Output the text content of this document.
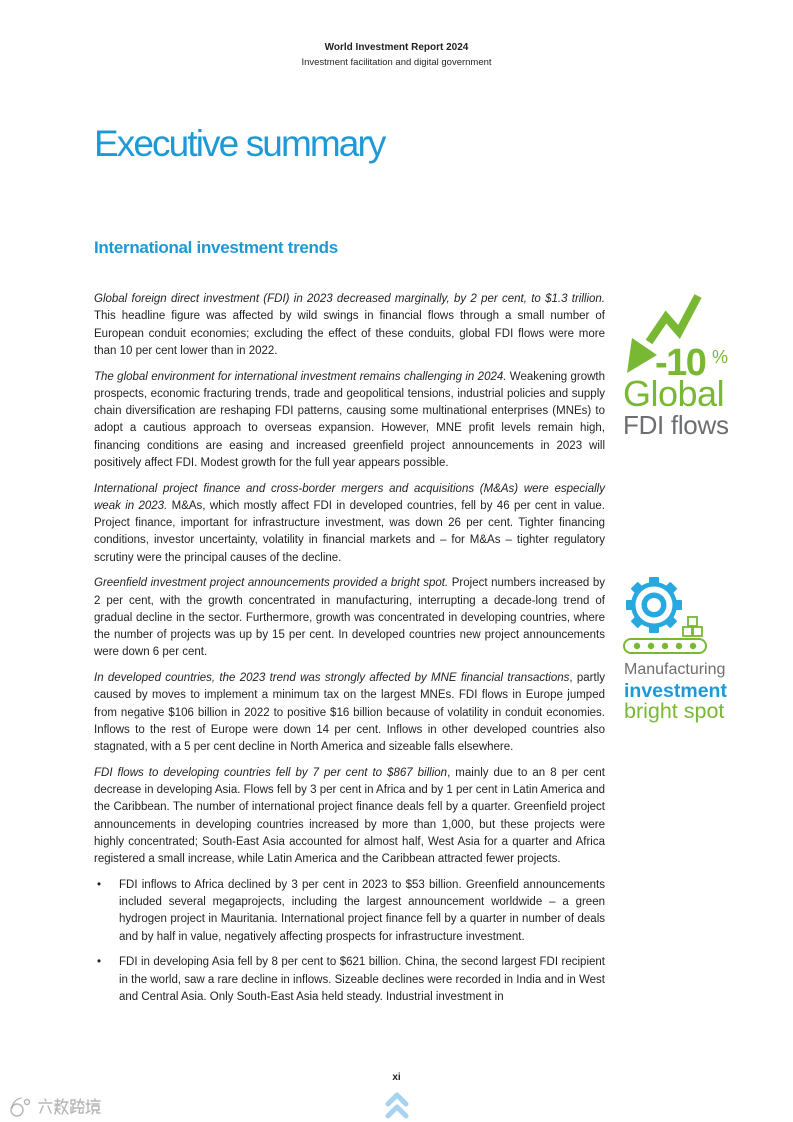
World Investment Report 2024
Investment facilitation and digital government
Executive summary
International investment trends

Global foreign direct investment (FDI) in 2023 decreased marginally, by 2 per cent, to $1.3 trillion. This headline figure was affected by wild swings in financial flows through a small number of European conduit economies; excluding the effect of these conduits, global FDI flows were more than 10 per cent lower than in 2022.

The global environment for international investment remains challenging in 2024. Weakening growth prospects, economic fracturing trends, trade and geopolitical tensions, industrial policies and supply chain diversification are reshaping FDI patterns, causing some multinational enterprises (MNEs) to adopt a cautious approach to overseas expansion. However, MNE profit levels remain high, financing conditions are easing and increased greenfield project announcements in 2023 will positively affect FDI. Modest growth for the full year appears possible.

International project finance and cross-border mergers and acquisitions (M&As) were especially weak in 2023. M&As, which mostly affect FDI in developed countries, fell by 46 per cent in value. Project finance, important for infrastructure investment, was down 26 per cent. Tighter financing conditions, investor uncertainty, volatility in financial markets and – for M&As – tighter regulatory scrutiny were the principal causes of the decline.

Greenfield investment project announcements provided a bright spot. Project numbers increased by 2 per cent, with the growth concentrated in manufacturing, interrupting a decade-long trend of gradual decline in the sector. Furthermore, growth was concentrated in developing countries, where the number of projects was up by 15 per cent. In developed countries new project announcements were down 6 per cent.

In developed countries, the 2023 trend was strongly affected by MNE financial transactions, partly caused by moves to implement a minimum tax on the largest MNEs. FDI flows in Europe jumped from negative $106 billion in 2022 to positive $16 billion because of volatility in conduit economies. Inflows to the rest of Europe were down 14 per cent. Inflows in other developed countries also stagnated, with a 5 per cent decline in North America and sizeable falls elsewhere.

FDI flows to developing countries fell by 7 per cent to $867 billion, mainly due to an 8 per cent decrease in developing Asia. Flows fell by 3 per cent in Africa and by 1 per cent in Latin America and the Caribbean. The number of international project finance deals fell by a quarter. Greenfield project announcements in developing countries increased by more than 1,000, but these projects were highly concentrated; South-East Asia accounted for almost half, West Asia for a quarter and Africa registered a small increase, while Latin America and the Caribbean attracted fewer projects.

• FDI inflows to Africa declined by 3 per cent in 2023 to $53 billion. Greenfield announcements included several megaprojects, including the largest announcement worldwide – a green hydrogen project in Mauritania. International project finance fell by a quarter in number of deals and by half in value, negatively affecting prospects for infrastructure investment.
• FDI in developing Asia fell by 8 per cent to $621 billion. China, the second largest FDI recipient in the world, saw a rare decline in inflows. Sizeable declines were recorded in India and in West and Central Asia. Only South-East Asia held steady. Industrial investment in
-10 %
Global
FDI flows
Manufacturing
investment
bright spot
xi
